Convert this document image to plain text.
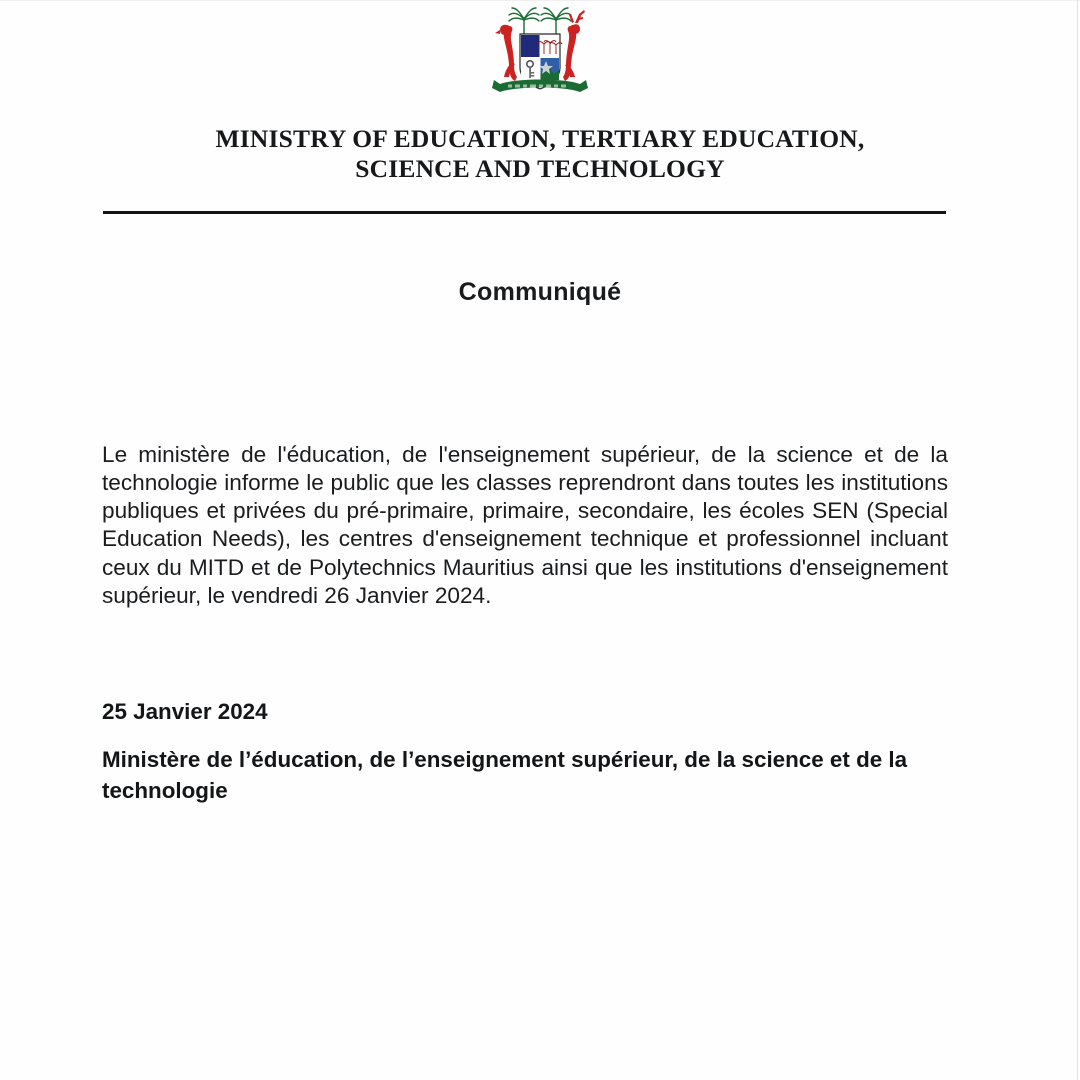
MINISTRY OF EDUCATION, TERTIARY EDUCATION,
SCIENCE AND TECHNOLOGY
Communiqué

Le ministère de l'éducation, de l'enseignement supérieur, de la science et de la technologie informe le public que les classes reprendront dans toutes les institutions publiques et privées du pré-primaire, primaire, secondaire, les écoles SEN (Special Education Needs), les centres d'enseignement technique et professionnel incluant ceux du MITD et de Polytechnics Mauritius ainsi que les institutions d'enseignement supérieur, le vendredi 26 Janvier 2024.

25 Janvier 2024
Ministère de l’éducation, de l’enseignement supérieur, de la science et de la technologie
